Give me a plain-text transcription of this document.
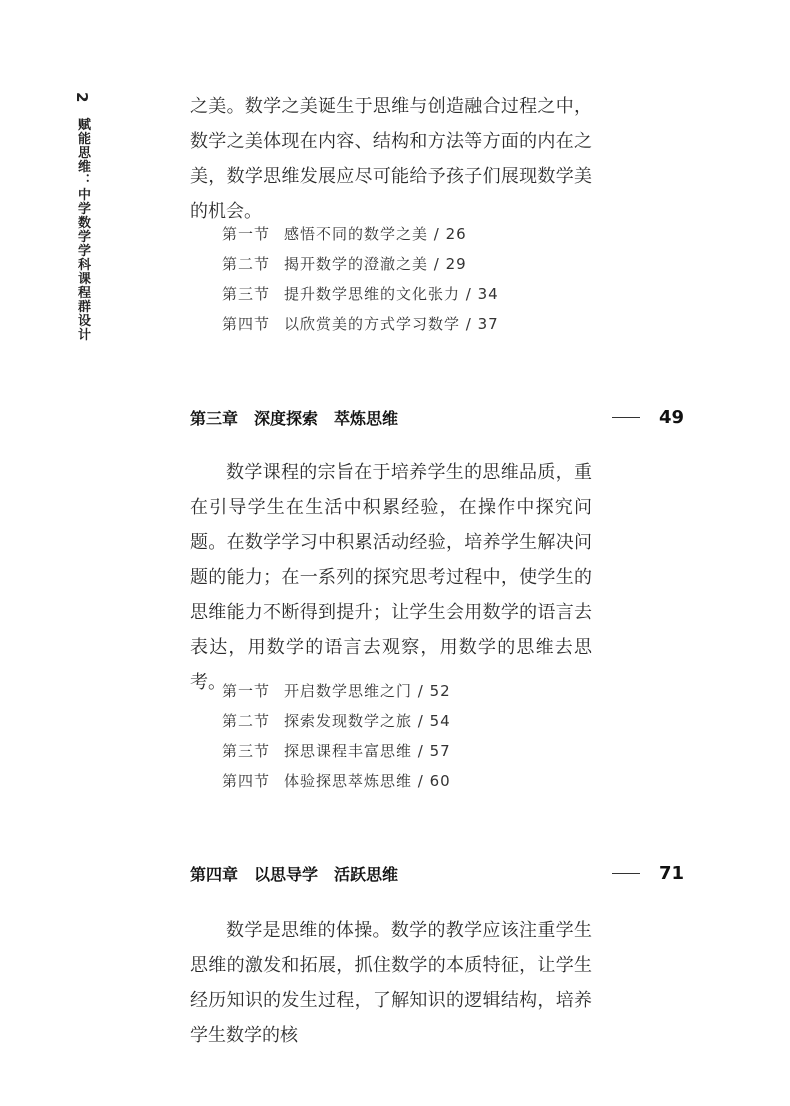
2赋能思维：中学数学学科课程群设计

之美。数学之美诞生于思维与创造融合过程之中，数学之美体现在内容、结构和方法等方面的内在之美，数学思维发展应尽可能给予孩子们展现数学美的机会。

第一节 感悟不同的数学之美 / 26
第二节 揭开数学的澄澈之美 / 29
第三节 提升数学思维的文化张力 / 34
第四节 以欣赏美的方式学习数学 / 37
第三章　深度探索　萃炼思维	49

数学课程的宗旨在于培养学生的思维品质，重在引导学生在生活中积累经验，在操作中探究问题。在数学学习中积累活动经验，培养学生解决问题的能力；在一系列的探究思考过程中，使学生的思维能力不断得到提升；让学生会用数学的语言去表达，用数学的语言去观察，用数学的思维去思考。

第一节 开启数学思维之门 / 52
第二节 探索发现数学之旅 / 54
第三节 探思课程丰富思维 / 57
第四节 体验探思萃炼思维 / 60
第四章　以思导学　活跃思维	71

数学是思维的体操。数学的教学应该注重学生思维的激发和拓展，抓住数学的本质特征，让学生经历知识的发生过程，了解知识的逻辑结构，培养学生数学的核
